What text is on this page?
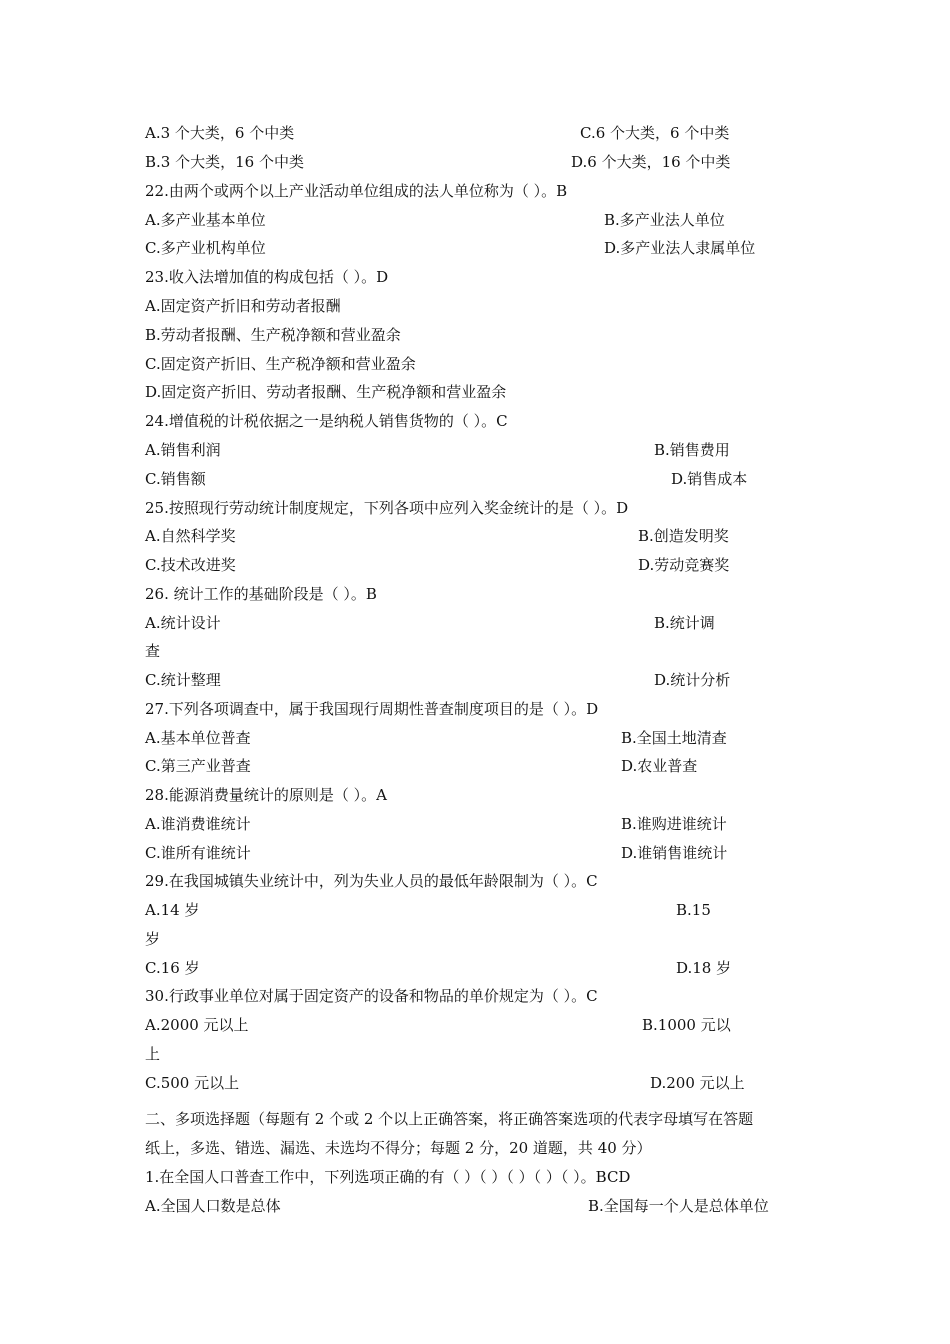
A.3 个大类，6 个中类	C.6 个大类，6 个中类
B.3 个大类，16 个中类	D.6 个大类，16 个中类
22.由两个或两个以上产业活动单位组成的法人单位称为（ ）。B
A.多产业基本单位	B.多产业法人单位
C.多产业机构单位	D.多产业法人隶属单位
23.收入法增加值的构成包括（ ）。D
A.固定资产折旧和劳动者报酬
B.劳动者报酬、生产税净额和营业盈余
C.固定资产折旧、生产税净额和营业盈余
D.固定资产折旧、劳动者报酬、生产税净额和营业盈余
24.增值税的计税依据之一是纳税人销售货物的（ ）。C
A.销售利润	B.销售费用
C.销售额	D.销售成本
25.按照现行劳动统计制度规定，下列各项中应列入奖金统计的是（ ）。D
A.自然科学奖	B.创造发明奖
C.技术改进奖	D.劳动竞赛奖
26. 统计工作的基础阶段是（ ）。B
A.统计设计	B.统计调
查
C.统计整理	D.统计分析
27.下列各项调查中，属于我国现行周期性普查制度项目的是（ ）。D
A.基本单位普查	B.全国土地清查
C.第三产业普查	D.农业普查
28.能源消费量统计的原则是（ ）。A
A.谁消费谁统计	B.谁购进谁统计
C.谁所有谁统计	D.谁销售谁统计
29.在我国城镇失业统计中，列为失业人员的最低年龄限制为（ ）。C
A.14 岁	B.15
岁
C.16 岁	D.18 岁
30.行政事业单位对属于固定资产的设备和物品的单价规定为（ ）。C
A.2000 元以上	B.1000 元以
上
C.500 元以上	D.200 元以上
二、多项选择题（每题有 2 个或 2 个以上正确答案，将正确答案选项的代表字母填写在答题
纸上，多选、错选、漏选、未选均不得分；每题 2 分，20 道题，共 40 分）
1.在全国人口普查工作中，下列选项正确的有（ ）（ ）（ ）（ ）（ ）。BCD
A.全国人口数是总体	B.全国每一个人是总体单位
